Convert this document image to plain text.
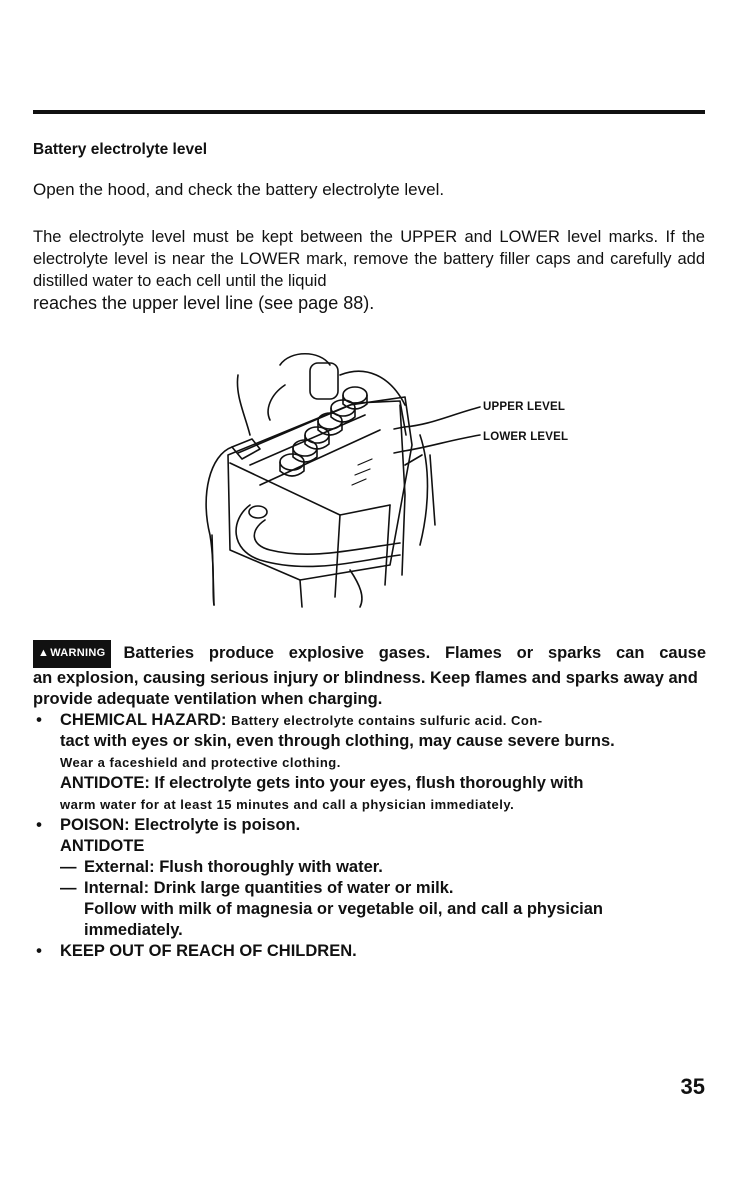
Battery electrolyte level
Open the hood, and check the battery electrolyte level.
The electrolyte level must be kept between the UPPER and LOWER level marks. If the electrolyte level is near the LOWER mark, remove the battery filler caps and carefully add distilled water to each cell until the liquid
reaches the upper level line (see page 88).
UPPER LEVEL
LOWER LEVEL
▲WARNING Batteries produce explosive gases. Flames or sparks can cause
an explosion, causing serious injury or blindness. Keep flames and sparks away and provide adequate ventilation when charging.
• CHEMICAL HAZARD: Battery electrolyte contains sulfuric acid. Con-
tact with eyes or skin, even through clothing, may cause severe burns.
Wear a faceshield and protective clothing.
ANTIDOTE: If electrolyte gets into your eyes, flush thoroughly with
warm water for at least 15 minutes and call a physician immediately.
• POISON: Electrolyte is poison.
ANTIDOTE
— External: Flush thoroughly with water.
— Internal: Drink large quantities of water or milk.
Follow with milk of magnesia or vegetable oil, and call a physician immediately.
• KEEP OUT OF REACH OF CHILDREN.
35
